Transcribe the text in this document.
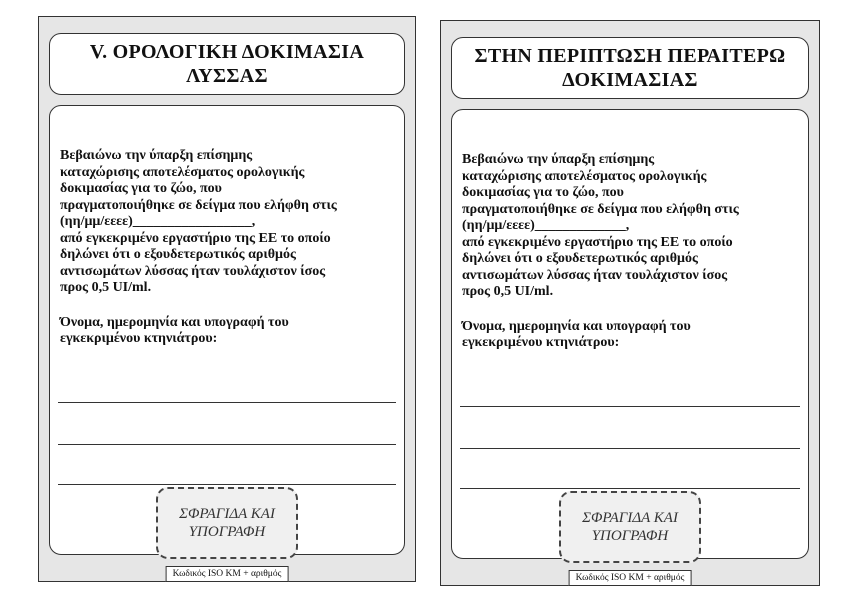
V. ΟΡΟΛΟΓΙΚΗ ΔΟΚΙΜΑΣΙΑ
ΛΥΣΣΑΣ
Βεβαιώνω την ύπαρξη επίσημης
καταχώρισης αποτελέσματος ορολογικής
δοκιμασίας για το ζώο, που
πραγματοποιήθηκε σε δείγμα που ελήφθη στις
(ηη/μμ/εεεε)_________________,
από εγκεκριμένο εργαστήριο της ΕΕ το οποίο
δηλώνει ότι ο εξουδετερωτικός αριθμός
αντισωμάτων λύσσας ήταν τουλάχιστον ίσος
προς 0,5 UI/ml.
Όνομα, ημερομηνία και υπογραφή του
εγκεκριμένου κτηνιάτρου:
ΣΦΡΑΓΙΔΑ ΚΑΙ
ΥΠΟΓΡΑΦΗ
Κωδικός ISO ΚΜ + αριθμός
ΣΤΗΝ ΠΕΡΙΠΤΩΣΗ ΠΕΡΑΙΤΕΡΩ
ΔΟΚΙΜΑΣΙΑΣ
Βεβαιώνω την ύπαρξη επίσημης
καταχώρισης αποτελέσματος ορολογικής
δοκιμασίας για το ζώο, που
πραγματοποιήθηκε σε δείγμα που ελήφθη στις
(ηη/μμ/εεεε)_____________,
από εγκεκριμένο εργαστήριο της ΕΕ το οποίο
δηλώνει ότι ο εξουδετερωτικός αριθμός
αντισωμάτων λύσσας ήταν τουλάχιστον ίσος
προς 0,5 UI/ml.
Όνομα, ημερομηνία και υπογραφή του
εγκεκριμένου κτηνιάτρου:
ΣΦΡΑΓΙΔΑ ΚΑΙ
ΥΠΟΓΡΑΦΗ
Κωδικός ISO ΚΜ + αριθμός
